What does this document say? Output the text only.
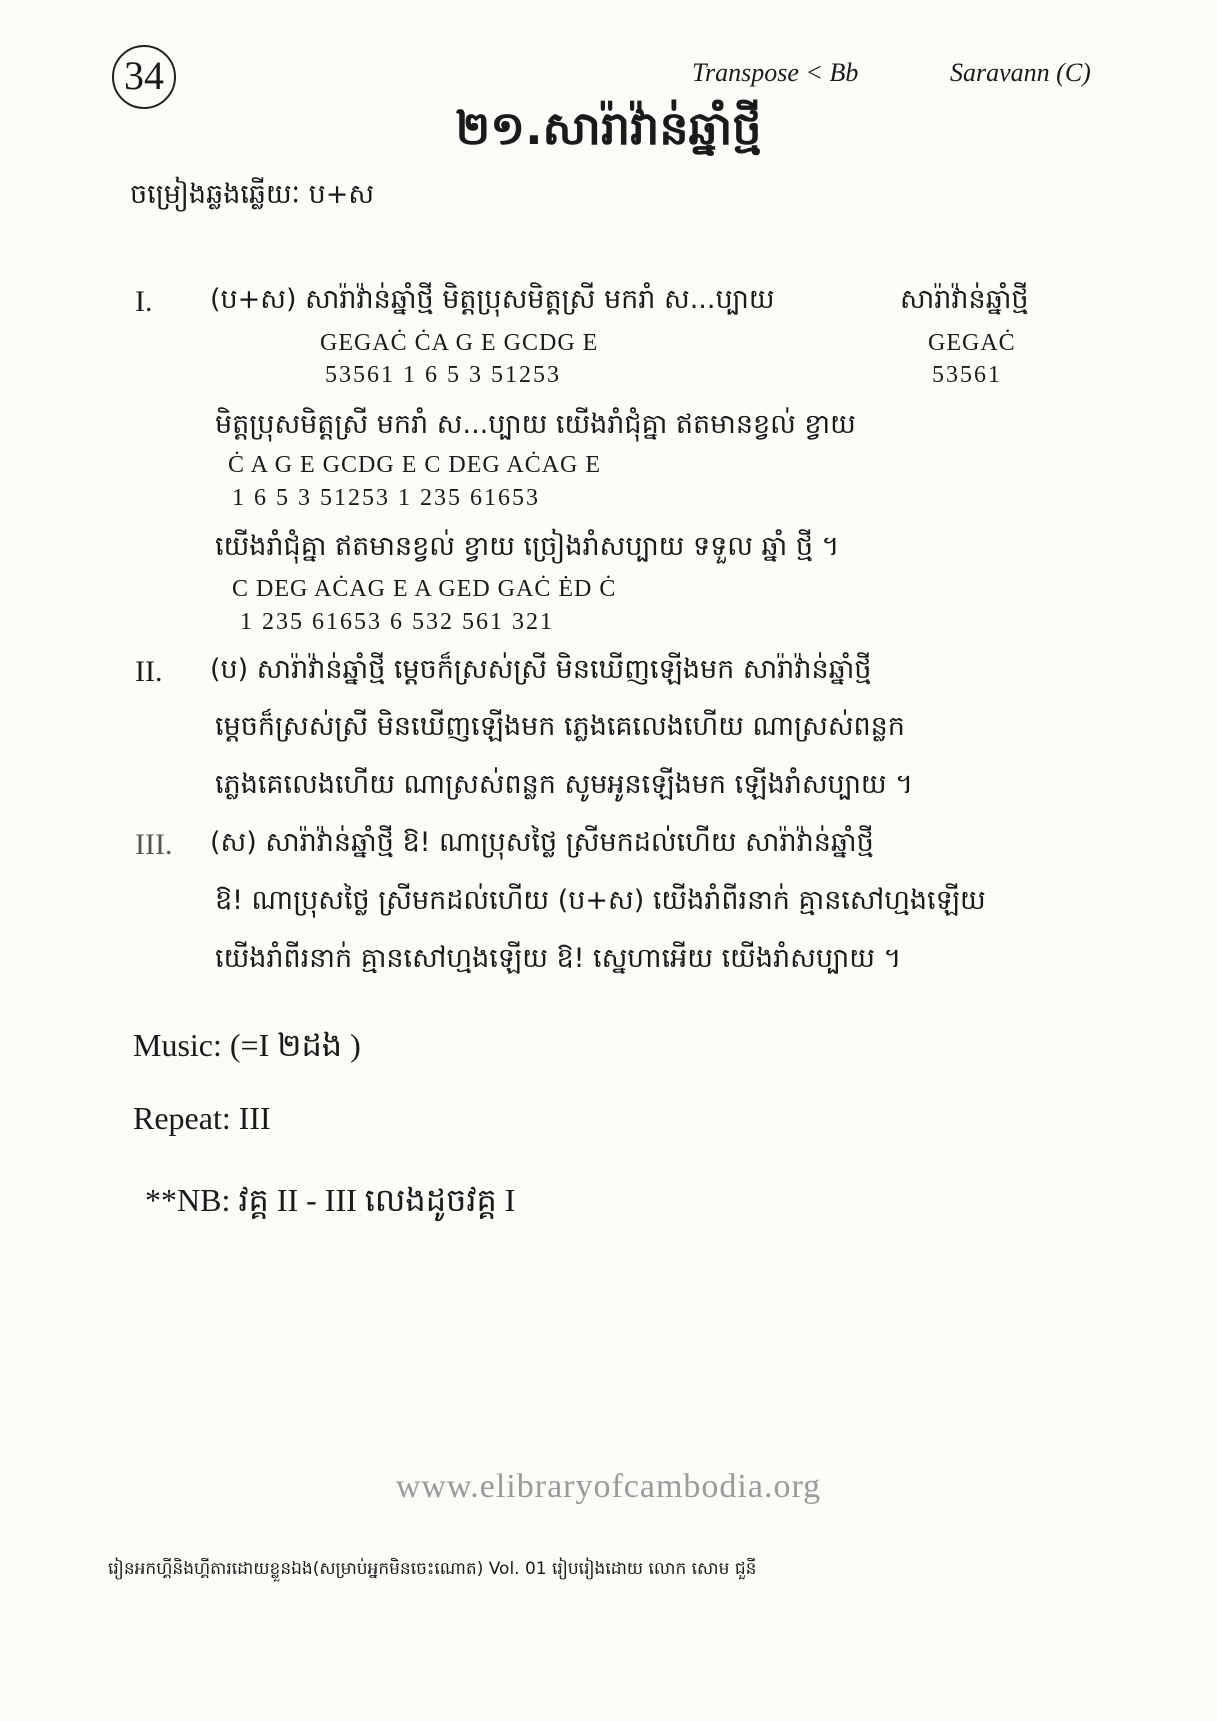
34	Transpose < Bb	Saravann (C)
២១.សារ៉ាវ៉ាន់ឆ្នាំថ្មី
ចម្រៀងឆ្លងឆ្លើយៈ ប+ស
I. (ប+ស) សារ៉ាវ៉ាន់ឆ្នាំថ្មី មិត្តប្រុសមិត្តស្រី មករាំ ស...ប្បាយ	សារ៉ាវ៉ាន់ឆ្នាំថ្មី
GEGAĊ ĊA G E GCDG E	GEGAĊ
53561 1 6 5 3 51253	53561
មិត្តប្រុសមិត្តស្រី មករាំ ស...ប្បាយ យើងរាំជុំគ្នា ឥតមានខ្វល់ ខ្វាយ
Ċ A G E GCDG E C DEG AĊAG E
1 6 5 3 51253 1 235 61653
យើងរាំជុំគ្នា ឥតមានខ្វល់ ខ្វាយ ច្រៀងរាំសប្បាយ ទទួល ឆ្នាំ ថ្មី ។
C DEG AĊAG E A GED GAĊ ĖD Ċ
1 235 61653 6 532 561 321
II. (ប) សារ៉ាវ៉ាន់ឆ្នាំថ្មី ម្ដេចក៏ស្រស់ស្រី មិនឃើញឡើងមក សារ៉ាវ៉ាន់ឆ្នាំថ្មី
ម្ដេចក៏ស្រស់ស្រី មិនឃើញឡើងមក ភ្លេងគេលេងហើយ ណាស្រស់ពន្លក
ភ្លេងគេលេងហើយ ណាស្រស់ពន្លក សូមអូនឡើងមក ឡើងរាំសប្បាយ ។
III. (ស) សារ៉ាវ៉ាន់ឆ្នាំថ្មី ឱ! ណាប្រុសថ្លៃ ស្រីមកដល់ហើយ សារ៉ាវ៉ាន់ឆ្នាំថ្មី
ឱ! ណាប្រុសថ្លៃ ស្រីមកដល់ហើយ (ប+ស) យើងរាំពីរនាក់ គ្មានសៅហ្មងឡើយ
យើងរាំពីរនាក់ គ្មានសៅហ្មងឡើយ ឱ! ស្នេហាអើយ យើងរាំសប្បាយ ។
Music: (=I ២ដង )
Repeat: III
**NB: វគ្គ II - III លេងដូចវគ្គ I
www.elibraryofcambodia.org
រៀនអកហ្គីនិងហ្គីតារដោយខ្លួនឯង(សម្រាប់អ្នកមិនចេះណោត) Vol. 01 រៀបរៀងដោយ លោក សោម ជួនី
